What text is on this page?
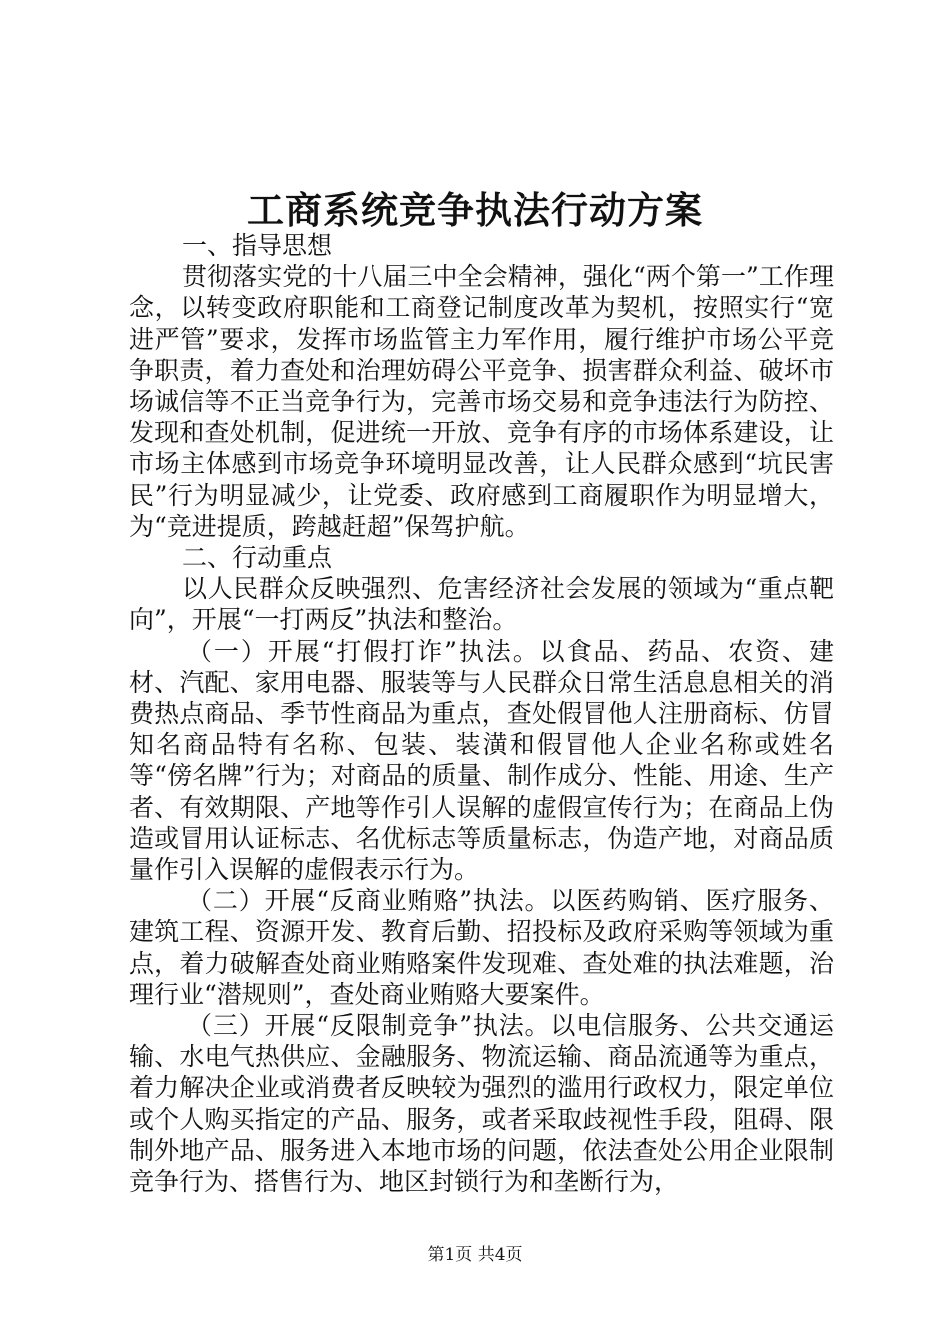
工商系统竞争执法行动方案

一、指导思想

贯彻落实党的十八届三中全会精神，强化“两个第一”工作理念，以转变政府职能和工商登记制度改革为契机，按照实行“宽进严管”要求，发挥市场监管主力军作用，履行维护市场公平竞争职责，着力查处和治理妨碍公平竞争、损害群众利益、破坏市场诚信等不正当竞争行为，完善市场交易和竞争违法行为防控、发现和查处机制，促进统一开放、竞争有序的市场体系建设，让市场主体感到市场竞争环境明显改善，让人民群众感到“坑民害民”行为明显减少，让党委、政府感到工商履职作为明显增大，为“竞进提质，跨越赶超”保驾护航。

二、行动重点

以人民群众反映强烈、危害经济社会发展的领域为“重点靶向”，开展“一打两反”执法和整治。

（一）开展“打假打诈”执法。以食品、药品、农资、建材、汽配、家用电器、服装等与人民群众日常生活息息相关的消费热点商品、季节性商品为重点，查处假冒他人注册商标、仿冒知名商品特有名称、包装、装潢和假冒他人企业名称或姓名等“傍名牌”行为；对商品的质量、制作成分、性能、用途、生产者、有效期限、产地等作引人误解的虚假宣传行为；在商品上伪造或冒用认证标志、名优标志等质量标志，伪造产地，对商品质量作引入误解的虚假表示行为。

（二）开展“反商业贿赂”执法。以医药购销、医疗服务、建筑工程、资源开发、教育后勤、招投标及政府采购等领域为重点，着力破解查处商业贿赂案件发现难、查处难的执法难题，治理行业“潜规则”，查处商业贿赂大要案件。

（三）开展“反限制竞争”执法。以电信服务、公共交通运输、水电气热供应、金融服务、物流运输、商品流通等为重点，着力解决企业或消费者反映较为强烈的滥用行政权力，限定单位或个人购买指定的产品、服务，或者采取歧视性手段，阻碍、限制外地产品、服务进入本地市场的问题，依法查处公用企业限制竞争行为、搭售行为、地区封锁行为和垄断行为，

第1页 共4页
